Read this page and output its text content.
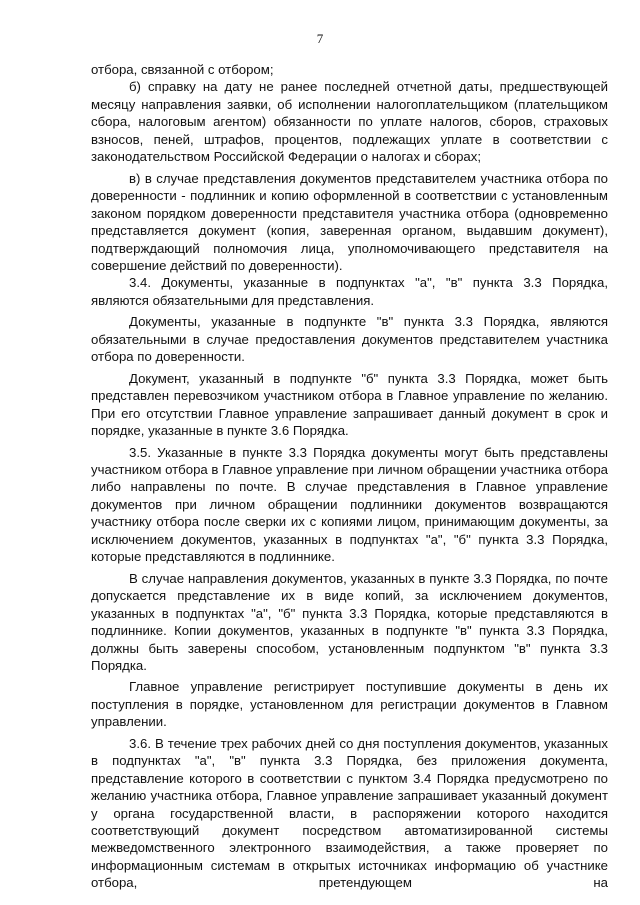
7

отбора, связанной с отбором;

б) справку на дату не ранее последней отчетной даты, предшествующей месяцу направления заявки, об исполнении налогоплательщиком (плательщиком сбора, налоговым агентом) обязанности по уплате налогов, сборов, страховых взносов, пеней, штрафов, процентов, подлежащих уплате в соответствии с законодательством Российской Федерации о налогах и сборах;

в) в случае представления документов представителем участника отбора по доверенности - подлинник и копию оформленной в соответствии с установленным законом порядком доверенности представителя участника отбора (одновременно представляется документ (копия, заверенная органом, выдавшим документ), подтверждающий полномочия лица, уполномочивающего представителя на совершение действий по доверенности).

3.4. Документы, указанные в подпунктах "а", "в" пункта 3.3 Порядка, являются обязательными для представления.

Документы, указанные в подпункте "в" пункта 3.3 Порядка, являются обязательными в случае предоставления документов представителем участника отбора по доверенности.

Документ, указанный в подпункте "б" пункта 3.3 Порядка, может быть представлен перевозчиком участником отбора в Главное управление по желанию. При его отсутствии Главное управление запрашивает данный документ в срок и порядке, указанные в пункте 3.6 Порядка.

3.5. Указанные в пункте 3.3 Порядка документы могут быть представлены участником отбора в Главное управление при личном обращении участника отбора либо направлены по почте. В случае представления в Главное управление документов при личном обращении подлинники документов возвращаются участнику отбора после сверки их с копиями лицом, принимающим документы, за исключением документов, указанных в подпунктах "а", "б" пункта 3.3 Порядка, которые представляются в подлиннике.

В случае направления документов, указанных в пункте 3.3 Порядка, по почте допускается представление их в виде копий, за исключением документов, указанных в подпунктах "а", "б" пункта 3.3 Порядка, которые представляются в подлиннике. Копии документов, указанных в подпункте "в" пункта 3.3 Порядка, должны быть заверены способом, установленным подпунктом "в" пункта 3.3 Порядка.

Главное управление регистрирует поступившие документы в день их поступления в порядке, установленном для регистрации документов в Главном управлении.

3.6. В течение трех рабочих дней со дня поступления документов, указанных в подпунктах "а", "в" пункта 3.3 Порядка, без приложения документа, представление которого в соответствии с пунктом 3.4 Порядка предусмотрено по желанию участника отбора, Главное управление запрашивает указанный документ у органа государственной власти, в распоряжении которого находится соответствующий документ посредством автоматизированной системы межведомственного электронного взаимодействия, а также проверяет по информационным системам в открытых источниках информацию об участнике отбора, претендующем на
